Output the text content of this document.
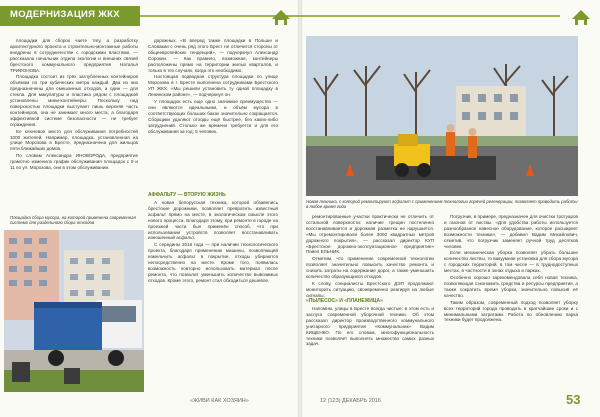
МОДЕРНИЗАЦИЯ ЖКХ

площадки для сборок чаете тягу, а разработку архитектурного проекта и строительно-монтажные работы внедрены в сотрудничестве с городскими властями, — рассказала начальник отдела экологии и внешних связей брестского коммунального предприятия Наталья ТРИФОНОВА.

Площадка состоит из трёх заглубленных контейнеров объёмом по три кубических метра каждый. Два из них предназначены для смешанных отходов, а один — для стекла. Для макулатуры и пластика рядом с площадкой установлены мини-контейнеры. Поскольку над поверхностью площадки выступает лишь верхняя часть контейнеров, она не занимает много места, а благодаря эффективной системе безопасности — не требует ограждения.

Ее ключевое место для обслуживания потребностей 1000 жителей. Например, площадка, установленная на улице Морозова в Бресте, предназначена для жильцов пяти ближайших домов.

По словам Александра ИНОВОРОДА, предприятие грамотно изменило график обслуживания площадок с 9 и 11 по ул. Морозова, они в этом обслуживании.

дорожных. «В вперед также площадки в Польше и Словакии с очень ряд этого Брест не отличится стороны от общеевропейских тенденций», — подчеркнул Александр Сорокин. — Как правило, возможная, контейнеры расположены прямо на территории жилых кварталов, и только в тех случаях, когда это необходимо.

Настоящая подводная структура площадки по улице Морозова в г. Бресте выполнена сотрудниками Брестского УП ЖКХ. «Мы решили установить ту одной площадку в Ленинском районе», — подчеркнул он.

У площадок есть еще одно значимое преимущество — они являются идеальными, и объём мусора в соответствующих больших баках значительно сокращается. Сборщики удаляют отходы ещё быстрее, без каких-либо затруднений. Столько же времени требуется и для его обслуживания за год: 5 человек.

АФФАЛЬТУ — ВТОРУЮ ЖИЗНЬ
Площадка сбора мусора, на которой применена современная система для раздельного сбора отходов

А новая белорусская техника, которой обзавелись брестские дорожники, позволяет превратить известный асфальт прямо на месте, в экологическом смысле этого нового процесса. Благодаря этому, при ремонте в городе на проезжей части был применён способ, что при использовании устройств позволяет восстанавливать изношенный асфальт.

С середины 2016 года — при наличии технологического проекта, благодаря применению машины, позволяющей измельчить асфальт в покрытие, отходы убираются непосредственно на месте. Кроме того, появилась возможность повторно использовать материал после ремонта, что позволит уменьшить количество вывозимых отходов. Кроме этого, ремонт стал обходиться дешевле.

«ЖИВИ КАК ХОЗЯИН»
Новая техника, с которой ремонтируют асфальт с применением технологии горячей регенерации, позволяет проводить работы в любое время года

ремонтированные участки практически не отличить от остальной поверхности: наличие трещин постепенно восстанавливается и дорожная разметка не нарушается. «Мы отремонтировали более 3000 квадратных метров дорожного покрытия», — рассказал директор КУП «Брестское дорожно-эксплуатационное предприятие» Павел ЕЛЬНИК.

Отметим, что применение современной технологии позволяет значительно повысить качество ремонта и снизить затраты на содержание дорог, а также уменьшить количество образующихся отходов.

К слову, специалисты Брестского ДЭП продолжают мониторить ситуацию, своевременно реагируя на любые сигналы.

«ПЫЛЕСОС» И «ПЛАНЕЖИЦА»

Напомню, улицы в Бресте всегда чистые: в этом есть и заслуга современной уборочной техники. Об этом рассказал директор производственного коммунального унитарного предприятия «Коммунальник» Вадим КИЩЕНКО. По его словам, многофункциональность техники позволяет выполнять множество самых разных задач.

Погрузчик, в примере, предназначен для очистки тротуаров и газонов от листвы. «Для удобства работы используется разнообразное навесное оборудование, которое расширяет возможности техники», — добавил Вадим Михайлович, отметив, что погрузчик заменяет ручной труд десятков человек.

Если механическая уборка позволяет убрать большее количество листвы, то вакуумная установка для сбора мусора с городских территорий, в том числе — в труднодоступных местах, в частности в зонах отдыха и парках.

Особенно хорошо зарекомендовала себя новая техника, позволяющая сэкономить средства и ресурсы предприятия, а также сократить время уборки, значительно повысив её качество.

Таким образом, современный подход позволяет уборку всех территорий города проводить в кратчайшие сроки и с минимальными затратами. Работа по обновлению парка техники будет продолжена.

12 (123) ДЕКАБРЬ 2016	53
